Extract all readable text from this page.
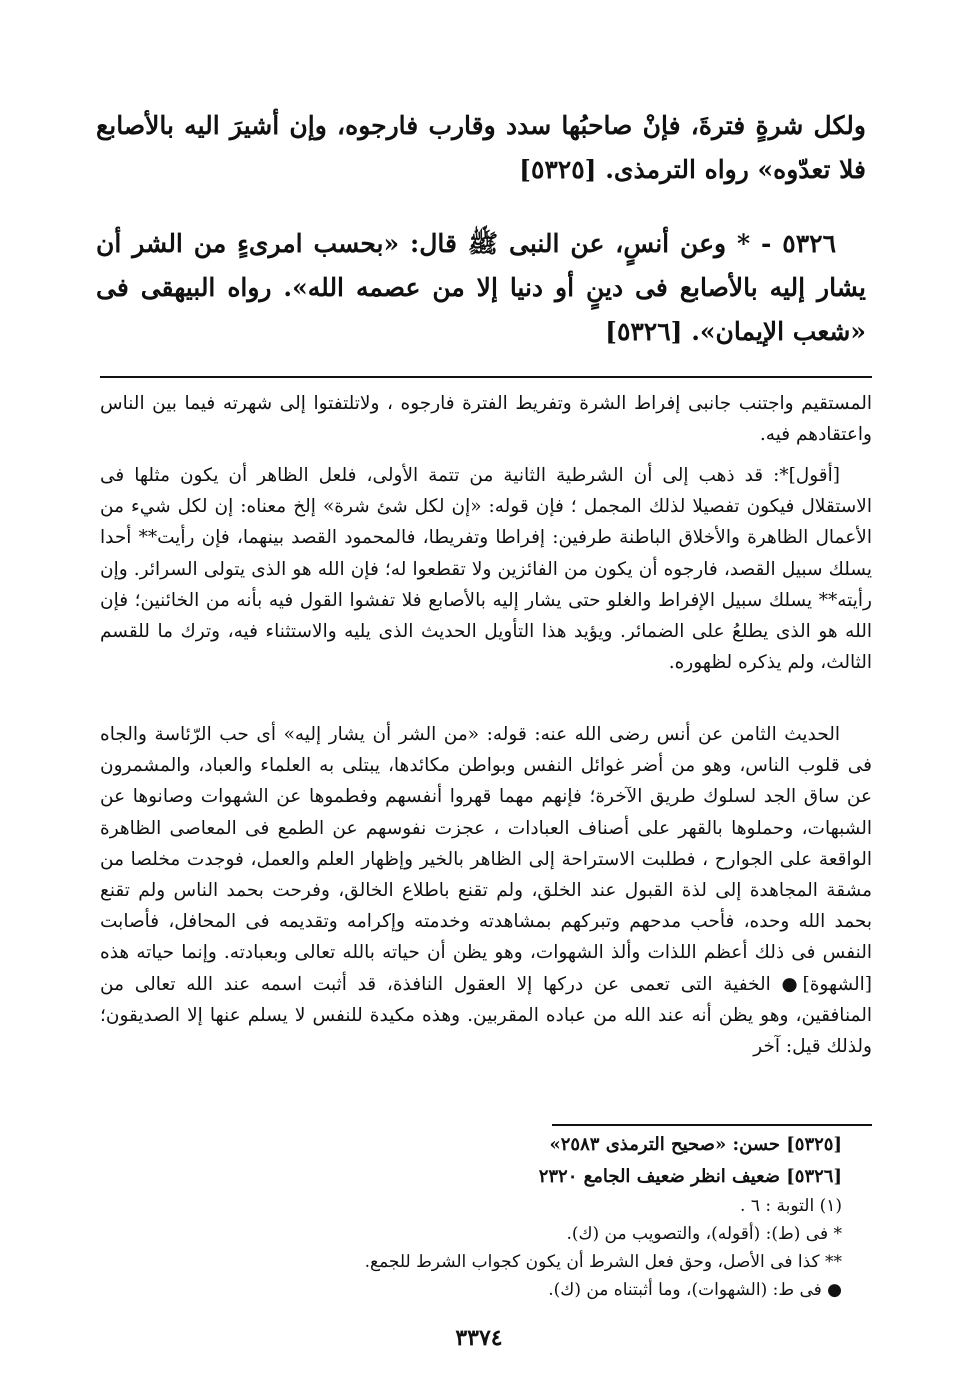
ولكل شرةٍ فترةَ، فإنْ صاحبُها سدد وقارب فارجوه، وإن أشيرَ اليه بالأصابع فلا تعدّوه» رواه الترمذى. [٥٣٢٥]

٥٣٢٦ - * وعن أنسٍ، عن النبى ﷺ قال: «بحسب امرىءٍ من الشر أن يشار إليه بالأصابع فى دينٍ أو دنيا إلا من عصمه الله». رواه البيهقى فى «شعب الإيمان». [٥٣٢٦]

المستقيم واجتنب جانبى إفراط الشرة وتفريط الفترة فارجوه ، ولاتلتفتوا إلى شهرته فيما بين الناس واعتقادهم فيه.

[أقول]*: قد ذهب إلى أن الشرطية الثانية من تتمة الأولى، فلعل الظاهر أن يكون مثلها فى الاستقلال فيكون تفصيلا لذلك المجمل ؛ فإن قوله: «إن لكل شئ شرة» إلخ معناه: إن لكل شيء من الأعمال الظاهرة والأخلاق الباطنة طرفين: إفراطا وتفريطا، فالمحمود القصد بينهما، فإن رأيت** أحدا يسلك سبيل القصد، فارجوه أن يكون من الفائزين ولا تقطعوا له؛ فإن الله هو الذى يتولى السرائر. وإن رأيته** يسلك سبيل الإفراط والغلو حتى يشار إليه بالأصابع فلا تفشوا القول فيه بأنه من الخائنين؛ فإن الله هو الذى يطلعُ على الضمائر. ويؤيد هذا التأويل الحديث الذى يليه والاستثناء فيه، وترك ما للقسم الثالث، ولم يذكره لظهوره.

الحديث الثامن عن أنس رضى الله عنه: قوله: «من الشر أن يشار إليه» أى حب الرّئاسة والجاه فى قلوب الناس، وهو من أضر غوائل النفس وبواطن مكائدها، يبتلى به العلماء والعباد، والمشمرون عن ساق الجد لسلوك طريق الآخرة؛ فإنهم مهما قهروا أنفسهم وفطموها عن الشهوات وصانوها عن الشبهات، وحملوها بالقهر على أصناف العبادات ، عجزت نفوسهم عن الطمع فى المعاصى الظاهرة الواقعة على الجوارح ، فطلبت الاستراحة إلى الظاهر بالخير وإظهار العلم والعمل، فوجدت مخلصا من مشقة المجاهدة إلى لذة القبول عند الخلق، ولم تقنع باطلاع الخالق، وفرحت بحمد الناس ولم تقنع بحمد الله وحده، فأحب مدحهم وتبركهم بمشاهدته وخدمته وإكرامه وتقديمه فى المحافل، فأصابت النفس فى ذلك أعظم اللذات وألذ الشهوات، وهو يظن أن حياته بالله تعالى وبعبادته. وإنما حياته هذه [الشهوة]● الخفية التى تعمى عن دركها إلا العقول النافذة، قد أثبت اسمه عند الله تعالى من المنافقين، وهو يظن أنه عند الله من عباده المقربين. وهذه مكيدة للنفس لا يسلم عنها إلا الصديقون؛ ولذلك قيل: آخر

[٥٣٢٥] حسن: «صحيح الترمذى ٢٥٨٣»
[٥٣٢٦] ضعيف انظر ضعيف الجامع ٢٣٢٠
(١) التوبة : ٦ .
* فى (ط): (أقوله)، والتصويب من (ك).
** كذا فى الأصل، وحق فعل الشرط أن يكون كجواب الشرط للجمع.
● فى ط: (الشهوات)، وما أثبتناه من (ك).
٣٣٧٤
